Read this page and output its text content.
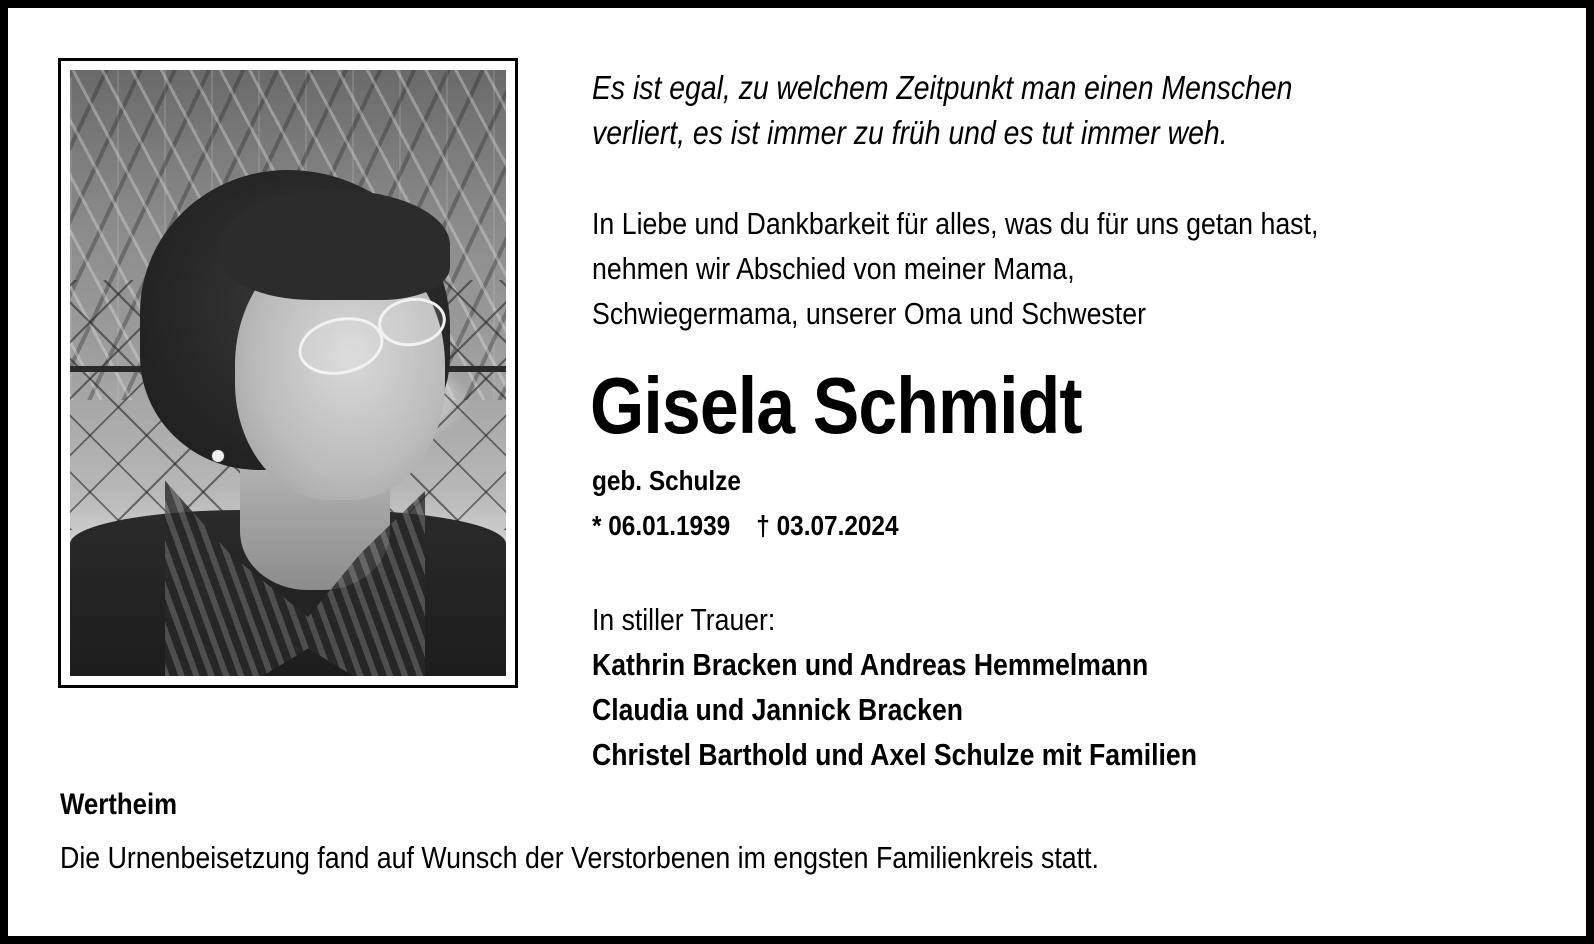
Es ist egal, zu welchem Zeitpunkt man einen Menschen
verliert, es ist immer zu früh und es tut immer weh.
In Liebe und Dankbarkeit für alles, was du für uns getan hast,
nehmen wir Abschied von meiner Mama,
Schwiegermama, unserer Oma und Schwester
Gisela Schmidt
geb. Schulze
* 06.01.1939 † 03.07.2024
In stiller Trauer:
Kathrin Bracken und Andreas Hemmelmann
Claudia und Jannick Bracken
Christel Barthold und Axel Schulze mit Familien
Wertheim
Die Urnenbeisetzung fand auf Wunsch der Verstorbenen im engsten Familienkreis statt.
